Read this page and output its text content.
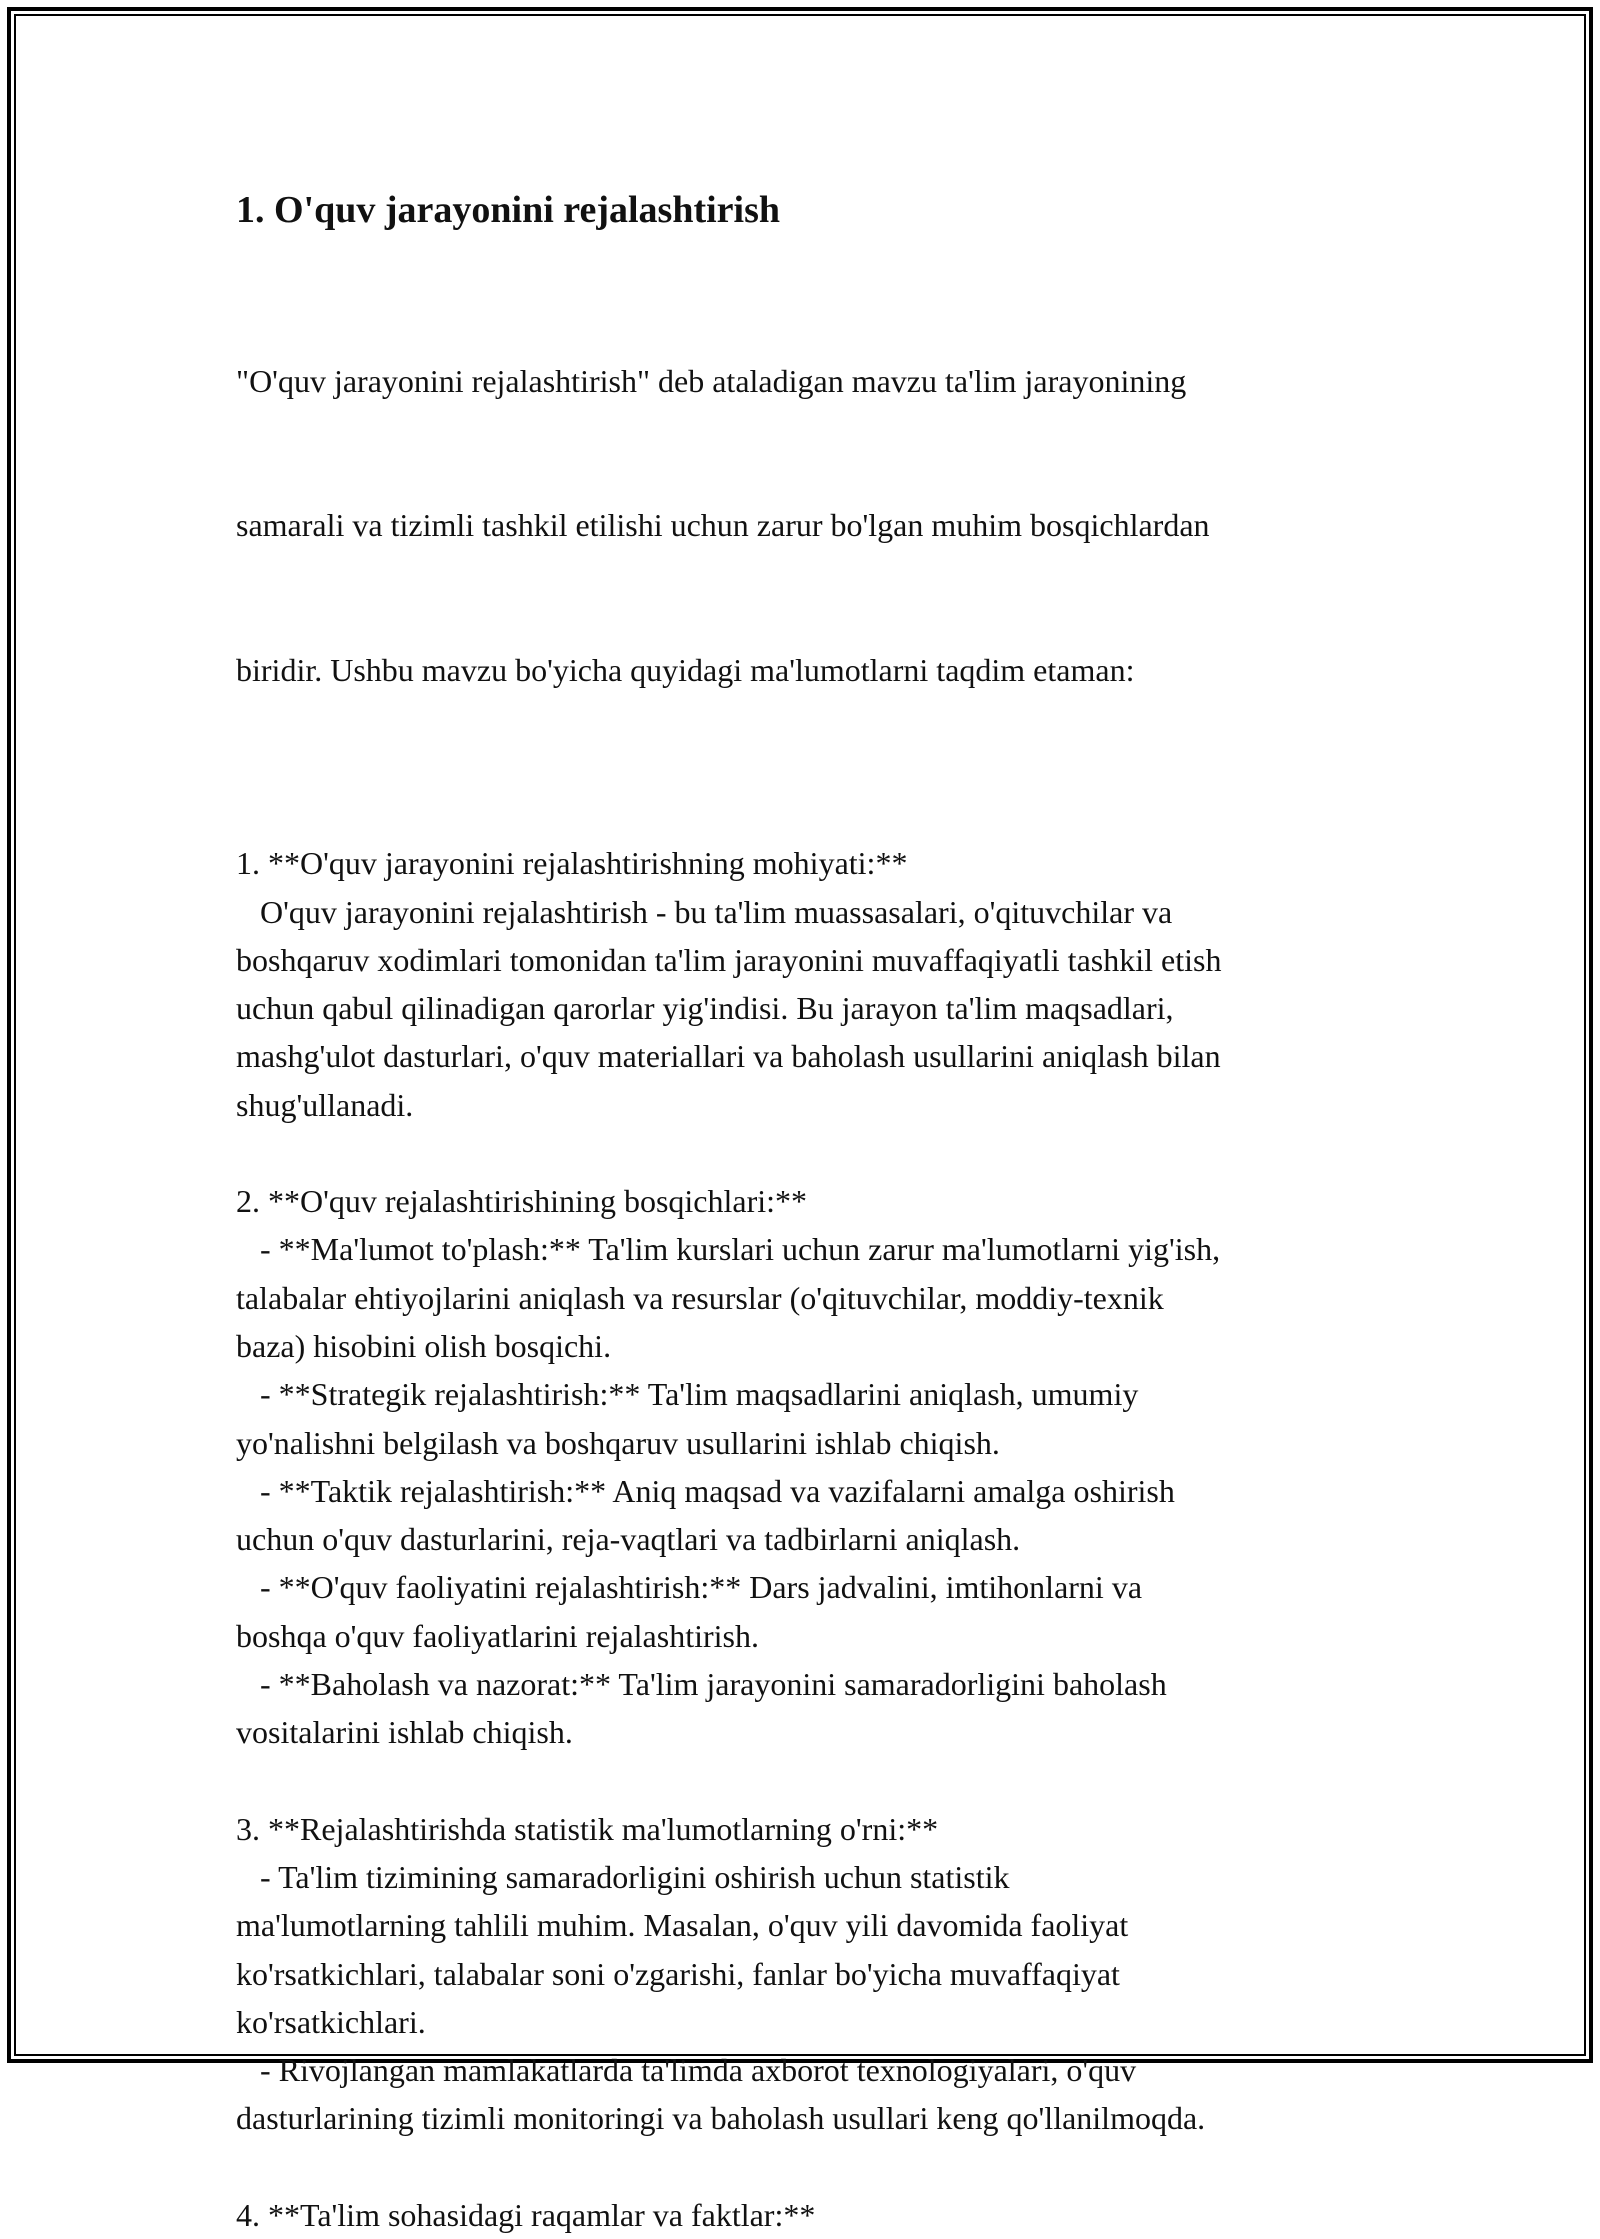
1. O'quv jarayonini rejalashtirish

"O'quv jarayonini rejalashtirish" deb ataladigan mavzu ta'lim jarayonining

samarali va tizimli tashkil etilishi uchun zarur bo'lgan muhim bosqichlardan

biridir. Ushbu mavzu bo'yicha quyidagi ma'lumotlarni taqdim etaman:

1. **O'quv jarayonini rejalashtirishning mohiyati:**
O'quv jarayonini rejalashtirish - bu ta'lim muassasalari, o'qituvchilar va
boshqaruv xodimlari tomonidan ta'lim jarayonini muvaffaqiyatli tashkil etish
uchun qabul qilinadigan qarorlar yig'indisi. Bu jarayon ta'lim maqsadlari,
mashg'ulot dasturlari, o'quv materiallari va baholash usullarini aniqlash bilan
shug'ullanadi.
2. **O'quv rejalashtirishining bosqichlari:**
- **Ma'lumot to'plash:** Ta'lim kurslari uchun zarur ma'lumotlarni yig'ish,
talabalar ehtiyojlarini aniqlash va resurslar (o'qituvchilar, moddiy-texnik
baza) hisobini olish bosqichi.
- **Strategik rejalashtirish:** Ta'lim maqsadlarini aniqlash, umumiy
yo'nalishni belgilash va boshqaruv usullarini ishlab chiqish.
- **Taktik rejalashtirish:** Aniq maqsad va vazifalarni amalga oshirish
uchun o'quv dasturlarini, reja-vaqtlari va tadbirlarni aniqlash.
- **O'quv faoliyatini rejalashtirish:** Dars jadvalini, imtihonlarni va
boshqa o'quv faoliyatlarini rejalashtirish.
- **Baholash va nazorat:** Ta'lim jarayonini samaradorligini baholash
vositalarini ishlab chiqish.
3. **Rejalashtirishda statistik ma'lumotlarning o'rni:**
- Ta'lim tizimining samaradorligini oshirish uchun statistik
ma'lumotlarning tahlili muhim. Masalan, o'quv yili davomida faoliyat
ko'rsatkichlari, talabalar soni o'zgarishi, fanlar bo'yicha muvaffaqiyat
ko'rsatkichlari.
- Rivojlangan mamlakatlarda ta'limda axborot texnologiyalari, o'quv
dasturlarining tizimli monitoringi va baholash usullari keng qo'llanilmoqda.
4. **Ta'lim sohasidagi raqamlar va faktlar:**
